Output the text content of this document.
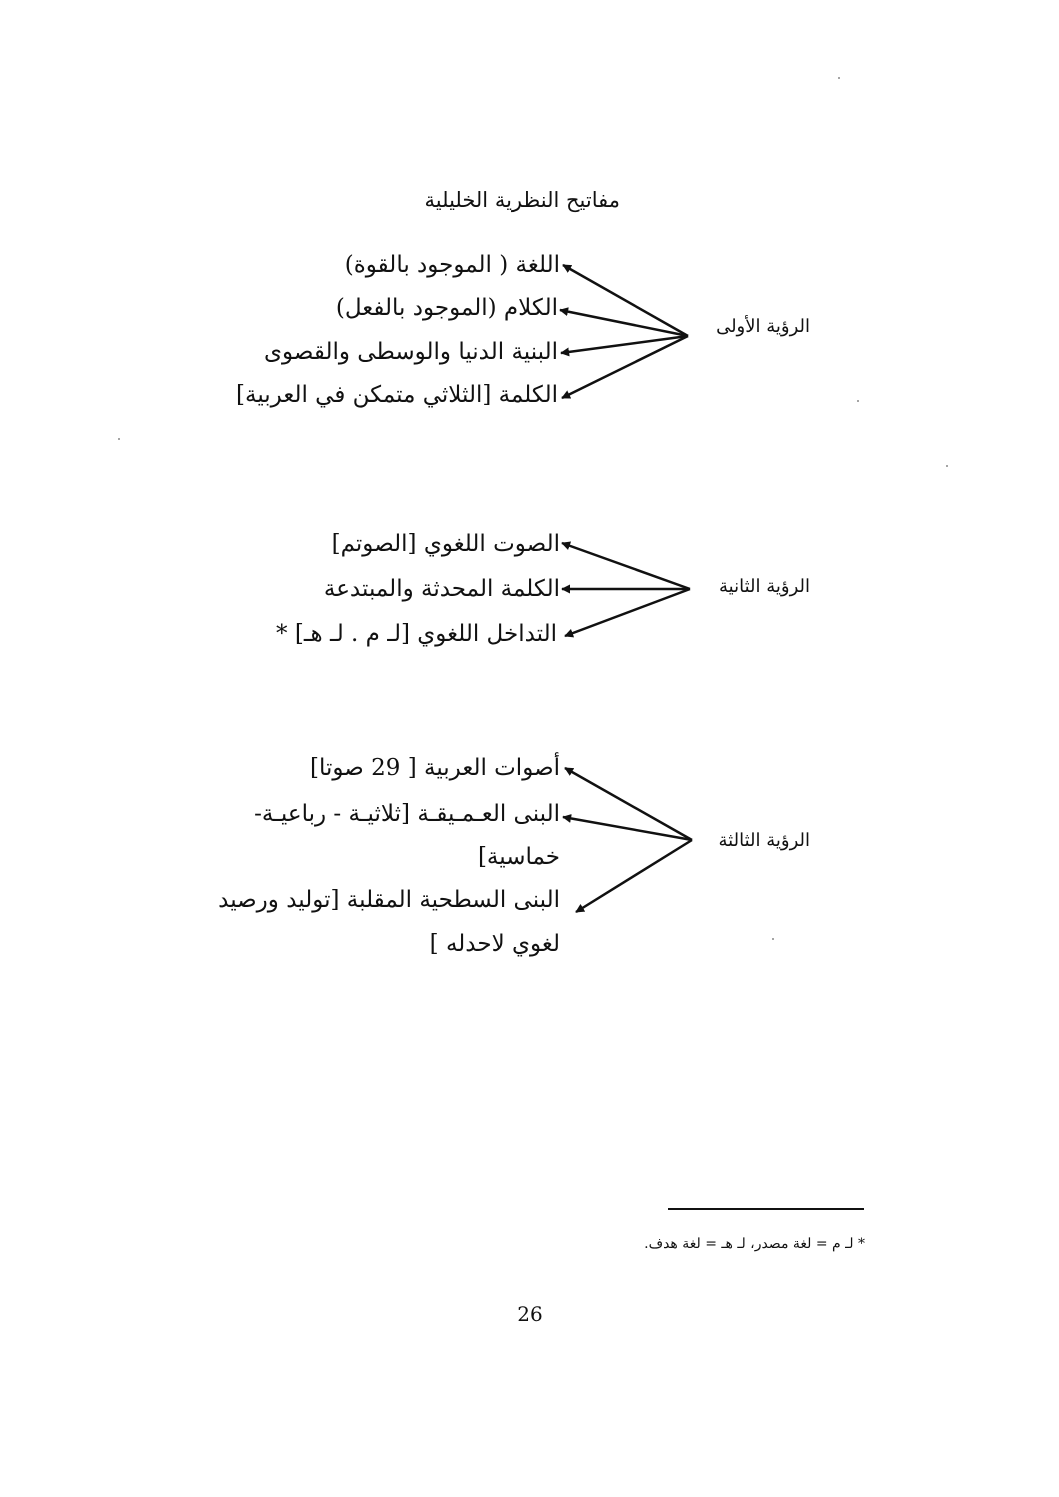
مفاتيح النظرية الخليلية
الرؤية الأولى
الرؤية الثانية
الرؤية الثالثة
اللغة ( الموجود بالقوة)
الكلام (الموجود بالفعل)
البنية الدنيا والوسطى والقصوى
الكلمة [الثلاثي متمكن في العربية]
الصوت اللغوي [الصوتم]
الكلمة المحدثة والمبتدعة
التداخل اللغوي [لـ م . لـ هـ] *
أصوات العربية [ 29 صوتا]
البنى العـمـيقـة [ثلاثيـة - رباعيـة-
خماسية]
البنى السطحية المقلبة [توليد ورصيد
لغوي لاحدله ]
* لـ م = لغة مصدر، لـ هـ = لغة هدف.
26
